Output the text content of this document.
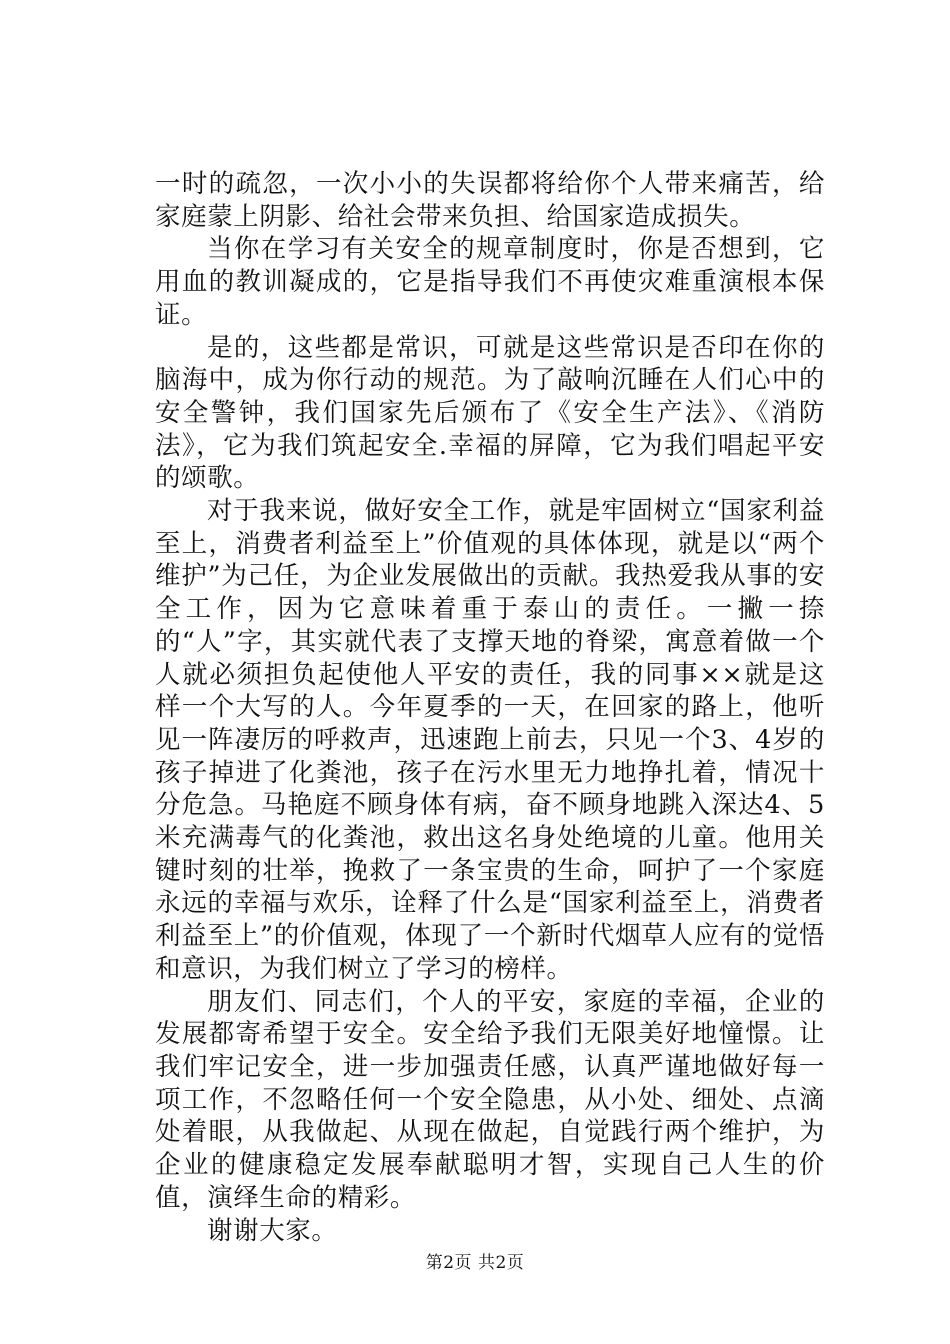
一时的疏忽，一次小小的失误都将给你个人带来痛苦，给家庭蒙上阴影、给社会带来负担、给国家造成损失。

当你在学习有关安全的规章制度时，你是否想到，它用血的教训凝成的，它是指导我们不再使灾难重演根本保证。

是的，这些都是常识，可就是这些常识是否印在你的脑海中，成为你行动的规范。为了敲响沉睡在人们心中的安全警钟，我们国家先后颁布了《安全生产法》、《消防法》，它为我们筑起安全.幸福的屏障，它为我们唱起平安的颂歌。

对于我来说，做好安全工作，就是牢固树立“国家利益至上，消费者利益至上”价值观的具体体现，就是以“两个维护”为己任，为企业发展做出的贡献。我热爱我从事的安全工作，因为它意味着重于泰山的责任。一撇一捺的“人”字，其实就代表了支撑天地的脊梁，寓意着做一个人就必须担负起使他人平安的责任，我的同事××就是这样一个大写的人。今年夏季的一天，在回家的路上，他听见一阵凄厉的呼救声，迅速跑上前去，只见一个3、4岁的孩子掉进了化粪池，孩子在污水里无力地挣扎着，情况十分危急。马艳庭不顾身体有病，奋不顾身地跳入深达4、5米充满毒气的化粪池，救出这名身处绝境的儿童。他用关键时刻的壮举，挽救了一条宝贵的生命，呵护了一个家庭永远的幸福与欢乐，诠释了什么是“国家利益至上，消费者利益至上”的价值观，体现了一个新时代烟草人应有的觉悟和意识，为我们树立了学习的榜样。

朋友们、同志们，个人的平安，家庭的幸福，企业的发展都寄希望于安全。安全给予我们无限美好地憧憬。让我们牢记安全，进一步加强责任感，认真严谨地做好每一项工作，不忽略任何一个安全隐患，从小处、细处、点滴处着眼，从我做起、从现在做起，自觉践行两个维护，为企业的健康稳定发展奉献聪明才智，实现自己人生的价值，演绎生命的精彩。

谢谢大家。

第2页 共2页
